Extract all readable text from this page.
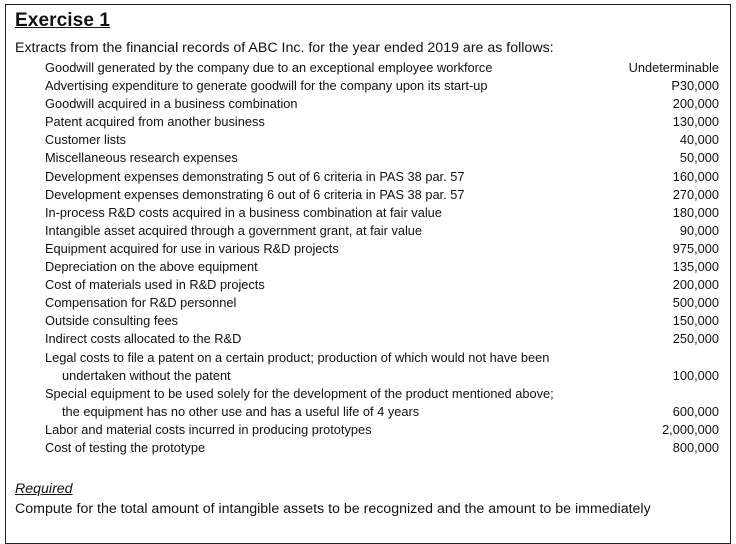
Exercise 1
Extracts from the financial records of ABC Inc. for the year ended 2019 are as follows:
Goodwill generated by the company due to an exceptional employee workforce	Undeterminable
Advertising expenditure to generate goodwill for the company upon its start-up	P30,000
Goodwill acquired in a business combination	200,000
Patent acquired from another business	130,000
Customer lists	40,000
Miscellaneous research expenses	50,000
Development expenses demonstrating 5 out of 6 criteria in PAS 38 par. 57	160,000
Development expenses demonstrating 6 out of 6 criteria in PAS 38 par. 57	270,000
In-process R&D costs acquired in a business combination at fair value	180,000
Intangible asset acquired through a government grant, at fair value	90,000
Equipment acquired for use in various R&D projects	975,000
Depreciation on the above equipment	135,000
Cost of materials used in R&D projects	200,000
Compensation for R&D personnel	500,000
Outside consulting fees	150,000
Indirect costs allocated to the R&D	250,000
Legal costs to file a patent on a certain product; production of which would not have been
undertaken without the patent	100,000
Special equipment to be used solely for the development of the product mentioned above;
the equipment has no other use and has a useful life of 4 years	600,000
Labor and material costs incurred in producing prototypes	2,000,000
Cost of testing the prototype	800,000
Required
Compute for the total amount of intangible assets to be recognized and the amount to be immediately
